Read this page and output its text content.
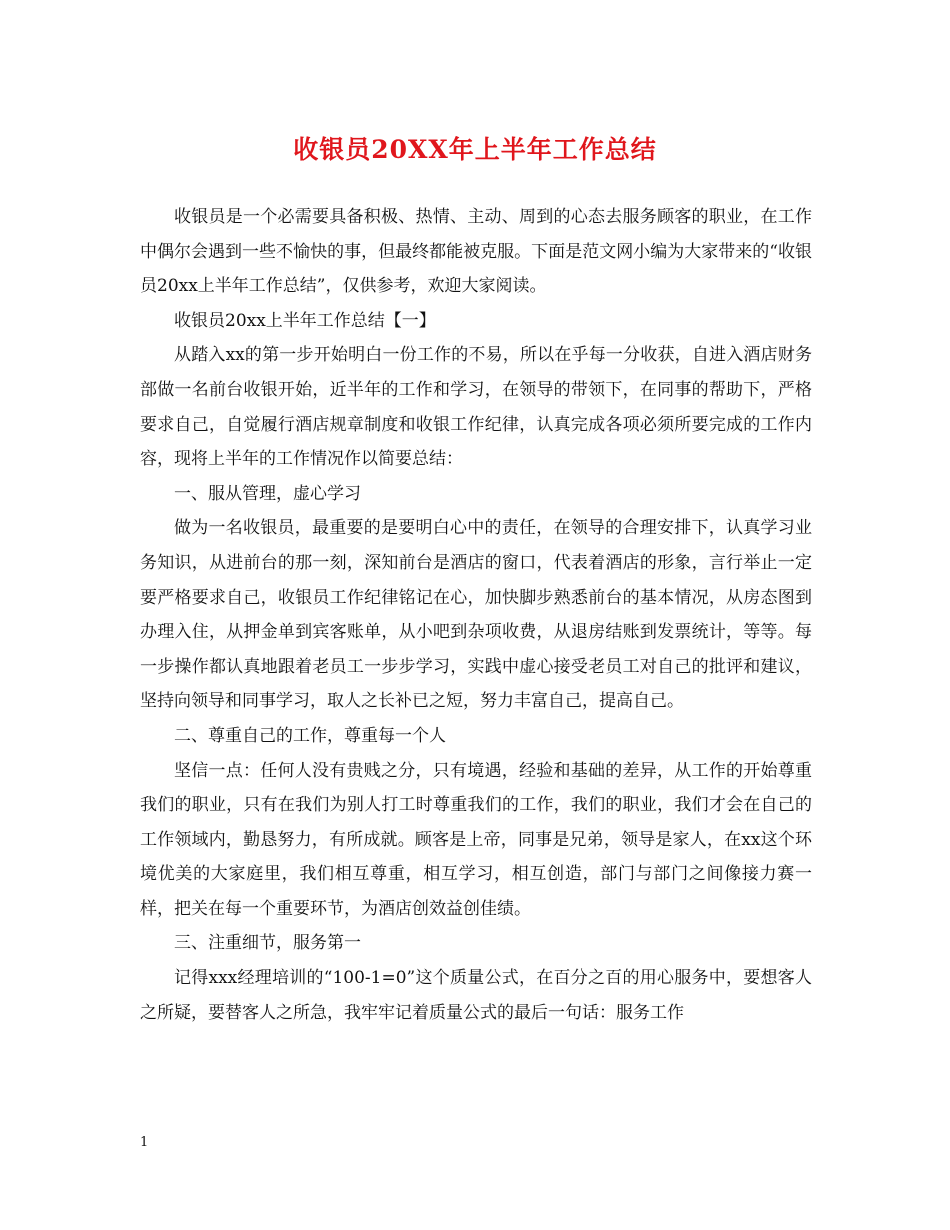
收银员20XX年上半年工作总结

收银员是一个必需要具备积极、热情、主动、周到的心态去服务顾客的职业，在工作中偶尔会遇到一些不愉快的事，但最终都能被克服。下面是范文网小编为大家带来的“收银员20xx上半年工作总结”，仅供参考，欢迎大家阅读。

收银员20xx上半年工作总结【一】

从踏入xx的第一步开始明白一份工作的不易，所以在乎每一分收获，自进入酒店财务部做一名前台收银开始，近半年的工作和学习，在领导的带领下，在同事的帮助下，严格要求自己，自觉履行酒店规章制度和收银工作纪律，认真完成各项必须所要完成的工作内容，现将上半年的工作情况作以简要总结：

一、服从管理，虚心学习

做为一名收银员，最重要的是要明白心中的责任，在领导的合理安排下，认真学习业务知识，从进前台的那一刻，深知前台是酒店的窗口，代表着酒店的形象，言行举止一定要严格要求自己，收银员工作纪律铭记在心，加快脚步熟悉前台的基本情况，从房态图到办理入住，从押金单到宾客账单，从小吧到杂项收费，从退房结账到发票统计，等等。每一步操作都认真地跟着老员工一步步学习，实践中虚心接受老员工对自己的批评和建议，坚持向领导和同事学习，取人之长补已之短，努力丰富自己，提高自己。

二、尊重自己的工作，尊重每一个人

坚信一点：任何人没有贵贱之分，只有境遇，经验和基础的差异，从工作的开始尊重我们的职业，只有在我们为别人打工时尊重我们的工作，我们的职业，我们才会在自己的工作领域内，勤恳努力，有所成就。顾客是上帝，同事是兄弟，领导是家人，在xx这个环境优美的大家庭里，我们相互尊重，相互学习，相互创造，部门与部门之间像接力赛一样，把关在每一个重要环节，为酒店创效益创佳绩。

三、注重细节，服务第一

记得xxx经理培训的“100-1=0”这个质量公式，在百分之百的用心服务中，要想客人之所疑，要替客人之所急，我牢牢记着质量公式的最后一句话：服务工作

1
